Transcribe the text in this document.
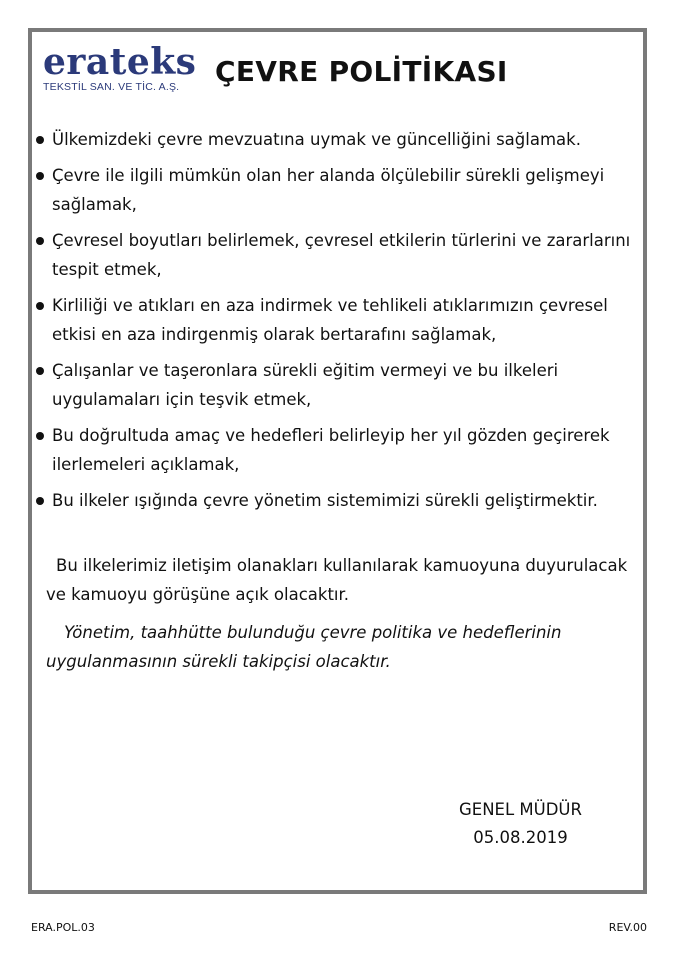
erateks
TEKSTİL SAN. VE TİC. A.Ş.	ÇEVRE POLİTİKASI
Ülkemizdeki çevre mevzuatına uymak ve güncelliğini sağlamak.
Çevre ile ilgili mümkün olan her alanda ölçülebilir sürekli gelişmeyi sağlamak,
Çevresel boyutları belirlemek, çevresel etkilerin türlerini ve zararlarını tespit etmek,
Kirliliği ve atıkları en aza indirmek ve tehlikeli atıklarımızın çevresel etkisi en aza indirgenmiş olarak bertarafını sağlamak,
Çalışanlar ve taşeronlara sürekli eğitim vermeyi ve bu ilkeleri uygulamaları için teşvik etmek,
Bu doğrultuda amaç ve hedefleri belirleyip her yıl gözden geçirerek ilerlemeleri açıklamak,
Bu ilkeler ışığında çevre yönetim sistemimizi sürekli geliştirmektir.
Bu ilkelerimiz iletişim olanakları kullanılarak kamuoyuna duyurulacak ve kamuoyu görüşüne açık olacaktır.
Yönetim, taahhütte bulunduğu çevre politika ve hedeflerinin uygulanmasının sürekli takipçisi olacaktır.
GENEL MÜDÜR
05.08.2019
ERA.POL.03	REV.00
